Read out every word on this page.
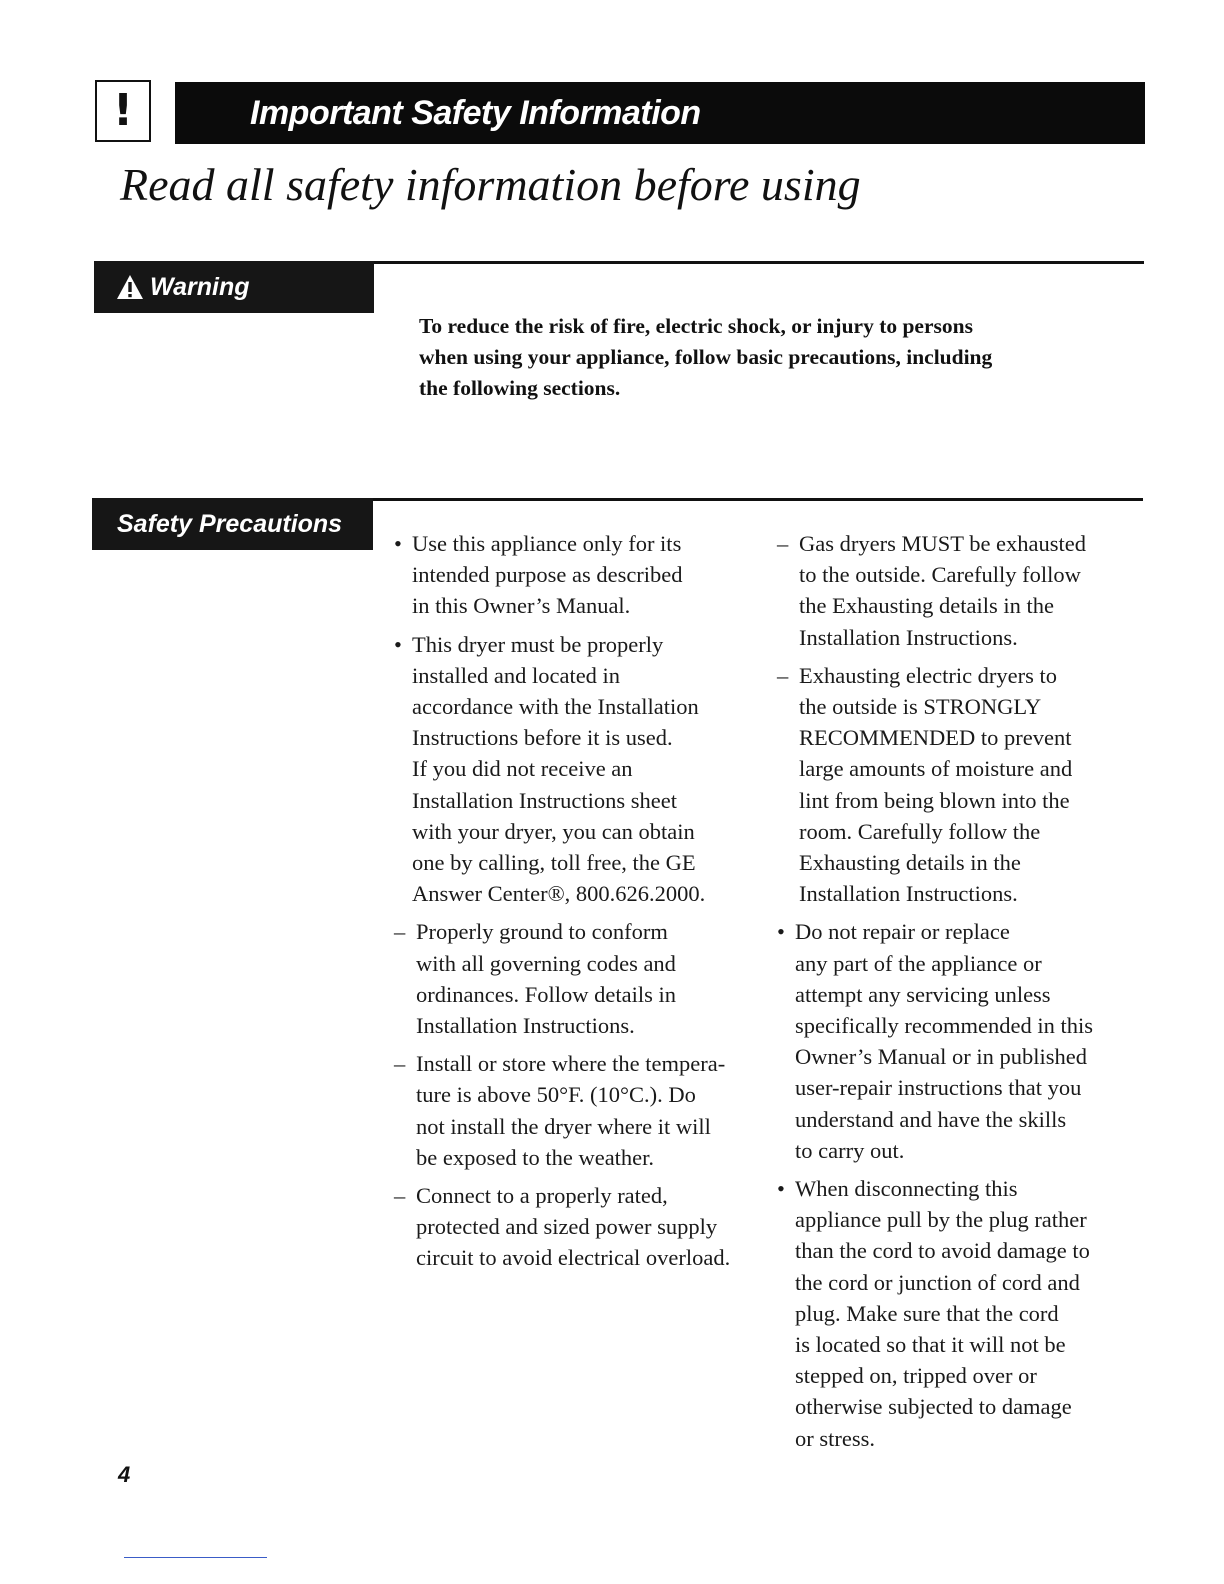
!	Important Safety Information
Read all safety information before using
Warning
To reduce the risk of fire, electric shock, or injury to persons
when using your appliance, follow basic precautions, including
the following sections.
Safety Precautions
• Use this appliance only for its
intended purpose as described
in this Owner’s Manual.
• This dryer must be properly
installed and located in
accordance with the Installation
Instructions before it is used.
If you did not receive an
Installation Instructions sheet
with your dryer, you can obtain
one by calling, toll free, the GE
Answer Center®, 800.626.2000.
– Properly ground to conform
with all governing codes and
ordinances. Follow details in
Installation Instructions.
– Install or store where the tempera-
ture is above 50°F. (10°C.). Do
not install the dryer where it will
be exposed to the weather.
– Connect to a properly rated,
protected and sized power supply
circuit to avoid electrical overload.
– Gas dryers MUST be exhausted
to the outside. Carefully follow
the Exhausting details in the
Installation Instructions.
– Exhausting electric dryers to
the outside is STRONGLY
RECOMMENDED to prevent
large amounts of moisture and
lint from being blown into the
room. Carefully follow the
Exhausting details in the
Installation Instructions.
• Do not repair or replace
any part of the appliance or
attempt any servicing unless
specifically recommended in this
Owner’s Manual or in published
user-repair instructions that you
understand and have the skills
to carry out.
• When disconnecting this
appliance pull by the plug rather
than the cord to avoid damage to
the cord or junction of cord and
plug. Make sure that the cord
is located so that it will not be
stepped on, tripped over or
otherwise subjected to damage
or stress.
4
